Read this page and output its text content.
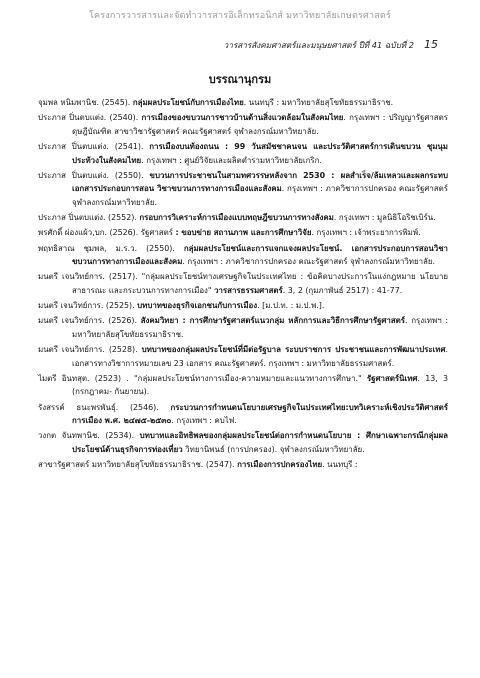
โครงการวารสารและจัดทำวารสารอิเล็กทรอนิกส์ มหาวิทยาลัยเกษตรศาสตร์
วารสารสังคมศาสตร์และมนุษยศาสตร์ ปีที่ 41 ฉบับที่ 2 15
บรรณานุกรม

จุมพล หนิมพานิช. (2545). กลุ่มผลประโยชน์กับการเมืองไทย. นนทบุรี : มหาวิทยาลัยสุโขทัยธรรมาธิราช.

ประภาส ปิ่นตบแต่ง. (2540). การเมืองของขบวนการชาวบ้านด้านสิ่งแวดล้อมในสังคมไทย. กรุงเทพฯ : ปริญญารัฐศาสตรดุษฎีบัณฑิต สาขาวิชารัฐศาสตร์ คณะรัฐศาสตร์ จุฬาลงกรณ์มหาวิทยาลัย.

ประภาส ปิ่นตบแต่ง. (2541). การเมืองบนท้องถนน : 99 วันสมัชชาคนจน และประวัติศาสตร์การเดินขบวน ชุมนุมประท้วงในสังคมไทย. กรุงเทพฯ : ศูนย์วิจัยและผลิตตำรามหาวิทยาลัยเกริก.

ประภาส ปิ่นตบแต่ง. (2550). ขบวนการประชาชนในสามทศวรรษหลังจาก 2530 : ผลสำเร็จ/ล้มเหลวและผลกระทบ เอกสารประกอบการสอน วิชาขบวนการทางการเมืองและสังคม. กรุงเทพฯ : ภาควิชาการปกครอง คณะรัฐศาสตร์ จุฬาลงกรณ์มหาวิทยาลัย.

ประภาส ปิ่นตบแต่ง. (2552). กรอบการวิเคราะห์การเมืองแบบทฤษฎีขบวนการทางสังคม. กรุงเทพฯ : มูลนิธิโอริชเบิร์น.

พรศักดิ์ ผ่องแผ้ว,บก. (2526). รัฐศาสตร์ : ขอบข่าย สถานภาพ และการศึกษาวิจัย. กรุงเทพฯ : เจ้าพระยาการพิมพ์.

พฤทธิสาณ ชุมพล, ม.ร.ว. (2550). กลุ่มผลประโยชน์และการแจกแจงผลประโยชน์. เอกสารประกอบการสอนวิชาขบวนการทางการเมืองและสังคม. กรุงเทพฯ : ภาควิชาการปกครอง คณะรัฐศาสตร์ จุฬาลงกรณ์มหาวิทยาลัย.

มนตรี เจนวิทย์การ. (2517). "กลุ่มผลประโยชน์ทางเศรษฐกิจในประเทศไทย : ข้อคิดบางประการในแง่กฎหมาย นโยบายสาธารณะ และกระบวนการทางการเมือง" วารสารธรรมศาสตร์. 3, 2 (กุมภาพันธ์ 2517) : 41-77.

มนตรี เจนวิทย์การ. (2525). บทบาทของธุรกิจเอกชนกับการเมือง. [ม.ป.ท. : ม.ป.พ.].

มนตรี เจนวิทย์การ. (2526). สังคมวิทยา : การศึกษารัฐศาสตร์แนวกลุ่ม หลักการและวิธีการศึกษารัฐศาสตร์. กรุงเทพฯ : มหาวิทยาลัยสุโขทัยธรรมาธิราช.

มนตรี เจนวิทย์การ. (2528). บทบาทของกลุ่มผลประโยชน์ที่มีต่อรัฐบาล ระบบราชการ ประชาชนและการพัฒนาประเทศ. เอกสารทางวิชาการหมายเลข 23 เอกสาร คณะรัฐศาสตร์. กรุงเทพฯ : มหาวิทยาลัยธรรมศาสตร์.

ไมตรี อินทสุต. (2523) . "กลุ่มผลประโยชน์ทางการเมือง-ความหมายและแนวทางการศึกษา." รัฐศาสตร์นิเทศ. 13, 3 (กรกฎาคม- กันยายน).

รังสรรค์ ธนะพรพันธุ์. (2546). กระบวนการกำหนดนโยบายเศรษฐกิจในประเทศไทย:บทวิเคราะห์เชิงประวัติศาสตร์การเมือง พ.ศ. ๒๔๗๕-๒๕๓๐. กรุงเทพฯ : คบไฟ.

วงกต จันทพานิช. (2534). บทบาทและอิทธิพลของกลุ่มผลประโยชน์ต่อการกำหนดนโยบาย : ศึกษาเฉพาะกรณีกลุ่มผลประโยชน์ด้านธุรกิจการท่องเที่ยว วิทยานิพนธ์ (การปกครอง). จุฬาลงกรณ์มหาวิทยาลัย.

สาขารัฐศาสตร์ มหาวิทยาลัยสุโขทัยธรรมาธิราช. (2547). การเมืองการปกครองไทย. นนทบุรี :
